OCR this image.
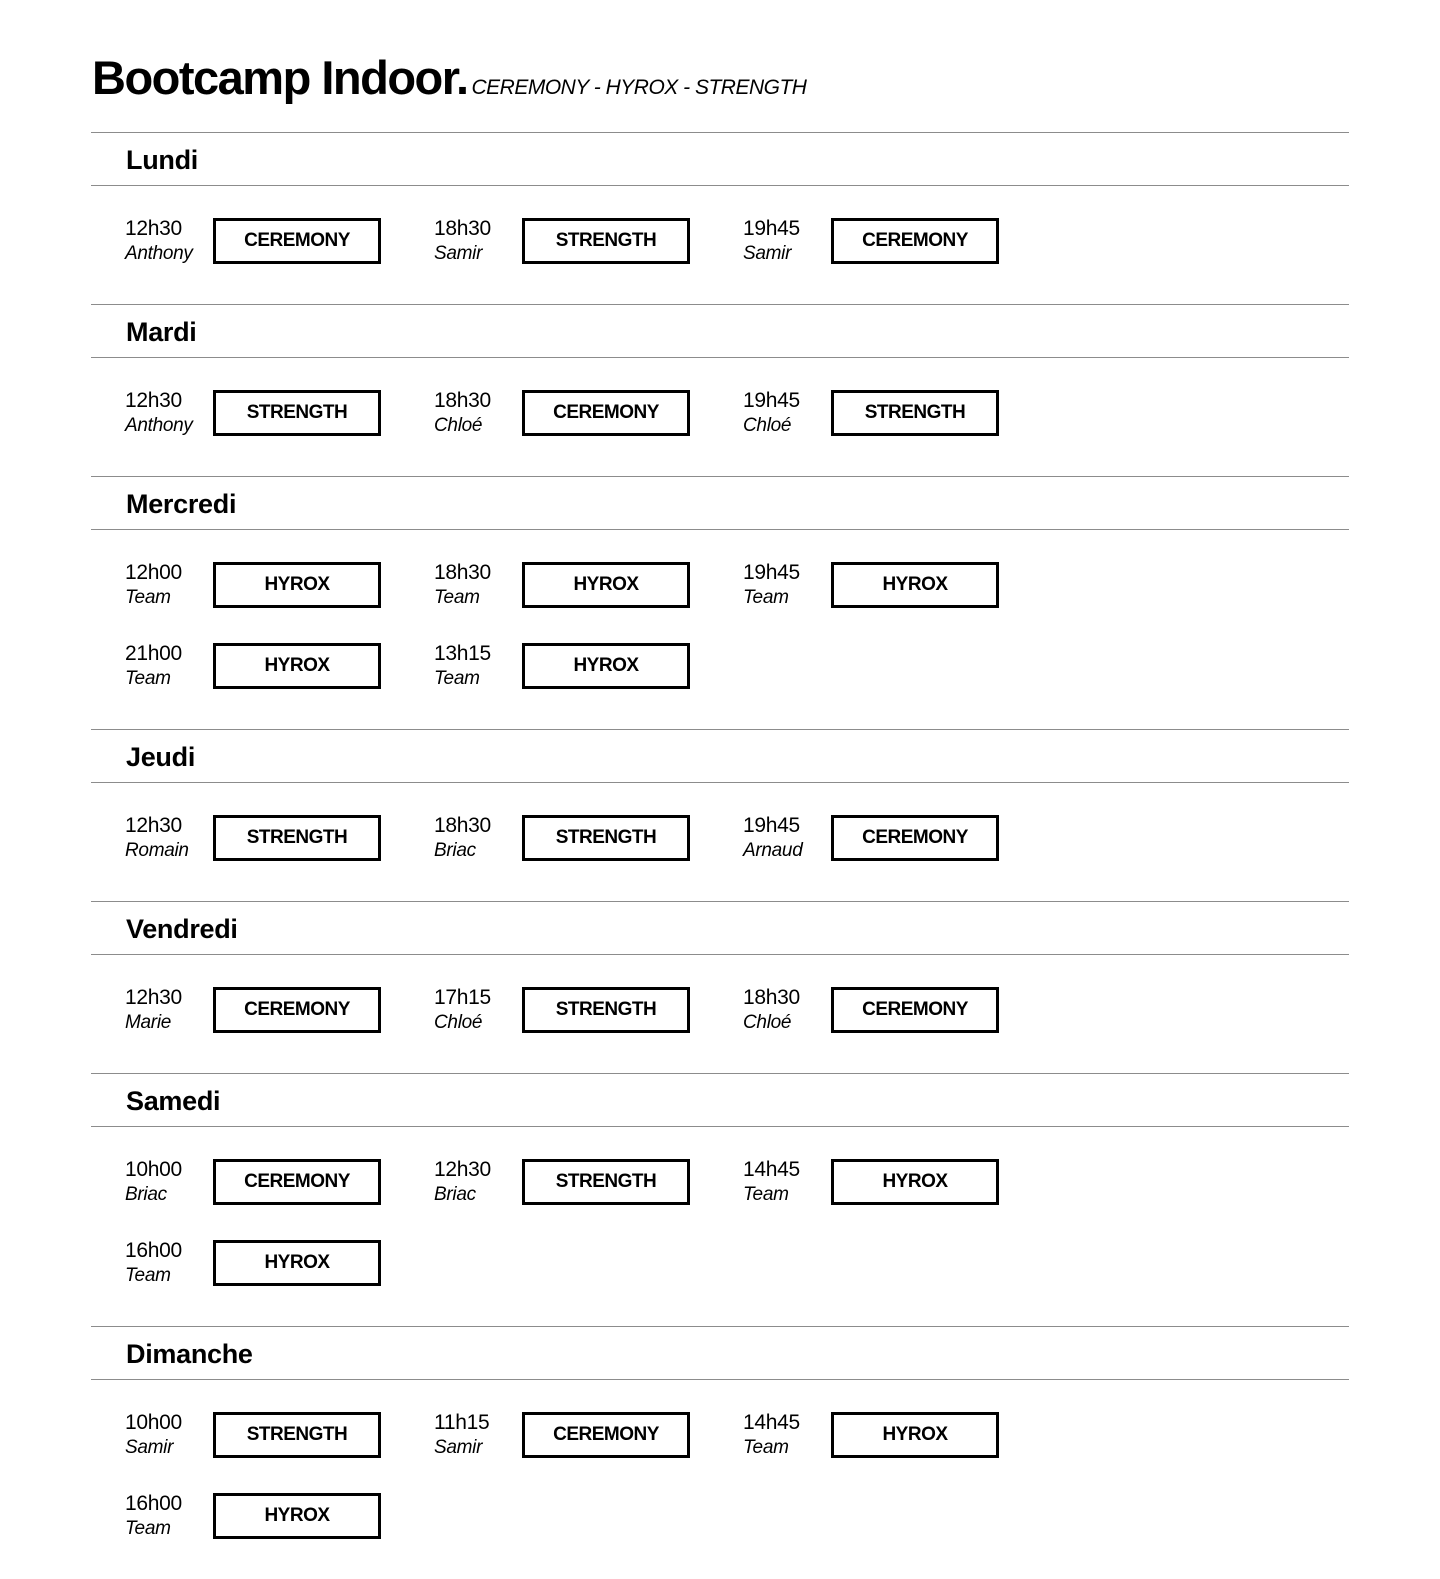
Bootcamp Indoor. CEREMONY - HYROX - STRENGTH
Lundi
12h30
Anthony
CEREMONY
18h30
Samir
STRENGTH
19h45
Samir
CEREMONY
Mardi
12h30
Anthony
STRENGTH
18h30
Chloé
CEREMONY
19h45
Chloé
STRENGTH
Mercredi
12h00
Team
HYROX
18h30
Team
HYROX
19h45
Team
HYROX
21h00
Team
HYROX
13h15
Team
HYROX
Jeudi
12h30
Romain
STRENGTH
18h30
Briac
STRENGTH
19h45
Arnaud
CEREMONY
Vendredi
12h30
Marie
CEREMONY
17h15
Chloé
STRENGTH
18h30
Chloé
CEREMONY
Samedi
10h00
Briac
CEREMONY
12h30
Briac
STRENGTH
14h45
Team
HYROX
16h00
Team
HYROX
Dimanche
10h00
Samir
STRENGTH
11h15
Samir
CEREMONY
14h45
Team
HYROX
16h00
Team
HYROX
